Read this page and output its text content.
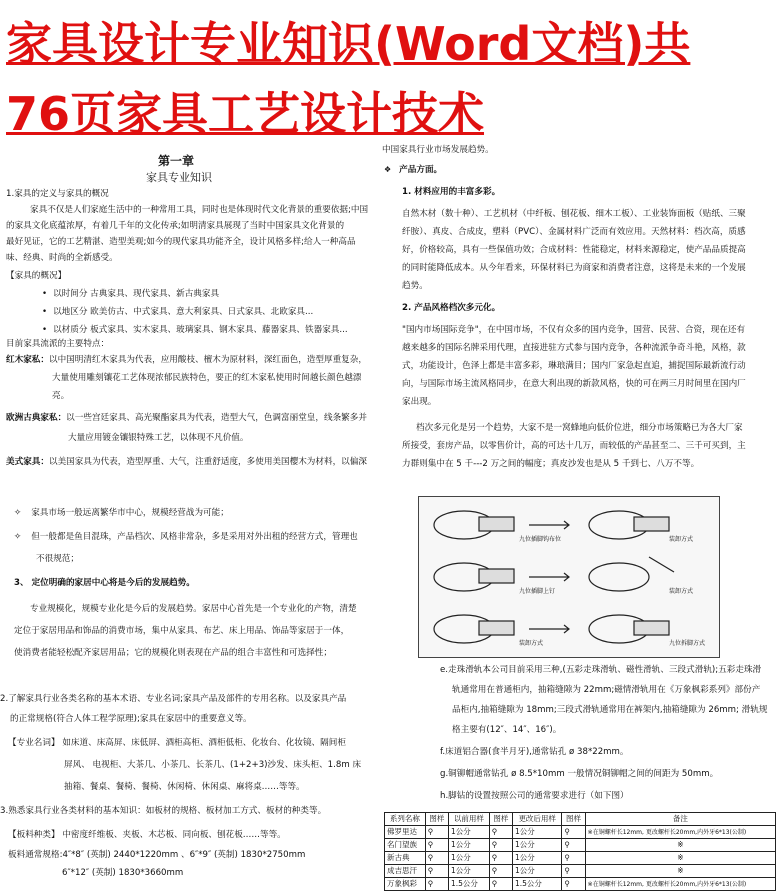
家具设计专业知识(Word文档)共
76页家具工艺设计技术
第一章
家具专业知识
1.家具的定义与家具的概况
家具不仅是人们家庭生活中的一种常用工具，同时也是体现时代文化背景的重要依据;中国
的家具文化底蕴浓厚，有着几千年的文化传承;如明清家具展现了当时中国家具文化背景的
最好见证，它的工艺精湛、造型美观;如今的现代家具功能齐全，设计风格多样;给人一种高品
味、经典、时尚的全新感受。
【家具的概况】
• 以时间分 古典家具、现代家具、新古典家具
• 以地区分 欧美仿古、中式家具、意大利家具、日式家具、北欧家具...
• 以材质分 板式家具、实木家具、玻璃家具、钢木家具、藤器家具、铁器家具...
目前家具流派的主要特点：
红木家私：以中国明清红木家具为代表，应用酸枝、檀木为原材料，深红面色，造型厚重复杂，
大量使用雕刻镶花工艺体现浓郁民族特色，要正的红木家私使用时间越长颜色越漂
亮。
欧洲古典家私：以一些宫廷家具、高光聚酯家具为代表，造型大气，色调富丽堂皇，线条繁多并
大量应用镀金镶银特殊工艺，以体现不凡价值。
美式家具：以美国家具为代表，造型厚重、大气，注重舒适度，多使用美国樱木为材料，以偏深
中国家具行业市场发展趋势。
❖ 产品方面。
1. 材料应用的丰富多彩。
自然木材（数十种）、工艺机材（中纤板、刨花板、细木工板）、工业装饰面板（贴纸、三聚
纤胺）、真皮、合成皮，塑料（PVC）、金属材料广泛而有效应用。天然材料：档次高，质感
好，价格较高，具有一些保值功效；合成材料：性能稳定，材料来源稳定，使产品品质提高
的同时能降低成本。从今年看来，环保材料已为商家和消费者注意，这将是未来的一个发展
趋势。
2. 产品风格档次多元化。
"国内市场国际竞争"，在中国市场，不仅有众多的国内竞争，国营、民营、合资，现在还有
越来越多的国际名牌采用代理，直接进驻方式参与国内竞争，各种流派争奇斗艳，风格，款
式，功能设计，色泽上都是丰富多彩，琳琅满目；国内厂家急起直追，捕捉国际最新流行动
向，与国际市场主流风格同步，在意大利出现的新款风格，快的可在两三月时间里在国内厂
家出现。
档次多元化是另一个趋势，大家不是一窝蜂地向低价位进，细分市场策略已为各大厂家
所接受，套房产品，以零售价计，高的可达十几万，而较低的产品甚至二、三千可买到，主
力群则集中在 5 千---2 万之间的幅度；真皮沙发也是从 5 千到七、八万不等。
九位插脚钩布位	装卸方式
九位插脚上钉	装卸方式
装卸方式	九位拆脚方式
✧ 家具市场一般远离繁华市中心，规模经营战为可能；
✧ 但一般都是鱼目混珠，产品档次、风格非常杂，多是采用对外出租的经营方式，管理也
不很规范；
3、 定位明确的家居中心将是今后的发展趋势。
专业规模化，规模专业化是今后的发展趋势。家居中心首先是一个专业化的产物，清楚
定位于家居用品和饰品的消费市场，集中从家具、布艺、床上用品、饰品等家居于一体，
使消费者能轻松配齐家居用品；它的规模化则表现在产品的组合丰富性和可选择性；
2.了解家具行业各类名称的基本术语、专业名词;家具产品及部件的专用名称。以及家具产品
的正常规格(符合人体工程学原理);家具在家居中的重要意义等。
【专业名词】 如床道、床高屏、床低屏、酒柜高柜、酒柜低柜、化妆台、化妆镜、隔间柜
屏风、 电视柜、大茶几、小茶几、长茶几、(1+2+3)沙发、床头柜、1.8m 床
抽箱、餐桌、餐椅、餐椅、休闲椅、休闲桌、麻将桌……等等。
3.熟悉家具行业各类材料的基本知识：如板材的规格、板材加工方式、板材的种类等。
【板料种类】 中密度纤维板、夹板、木芯板、同向板、刨花板……等等。
板料通常规格:4″*8″ (英制) 2440*1220mm 、6″*9″ (英制) 1830*2750mm
6″*12″ (英制) 1830*3660mm
e.走珠滑轨本公司目前采用三种,(五彩走珠滑轨、磁性滑轨、三段式滑轨);五彩走珠滑
轨通常用在普通柜内，抽箱缝隙为 22mm;磁情滑轨用在《万象枫彩系列》部份产
品柜内,抽箱缝隙为 18mm;三段式滑轨通常用在裤架内,抽箱缝隙为 26mm; 滑轨规
格主要有(12″、14″、16″)。
f.床道铝合器(食半月牙),通常钻孔 ø 38*22mm。
g.铜铆帽通常钻孔 ø 8.5*10mm 一般情况铜铆帽之间的间距为 50mm。
h.脚钻的设置按照公司的通常要求进行（如下图）
系列名称	图样	以前用样	图样	更改后用样	图样	备注
佛罗里达	⚲	1公分	⚲	1公分	⚲	※在铜螺杆长12mm, 更改螺杆长20mm,内外牙6*13(公制)
名门望族	⚲	1公分	⚲	1公分	⚲	※
新古典	⚲	1公分	⚲	1公分	⚲	※
成吉思汗	⚲	1公分	⚲	1公分	⚲	※
万象枫彩	⚲	1.5公分	⚲	1.5公分	⚲	※在铜螺杆长12mm, 更改螺杆长20mm,内外牙6*13(公制)
